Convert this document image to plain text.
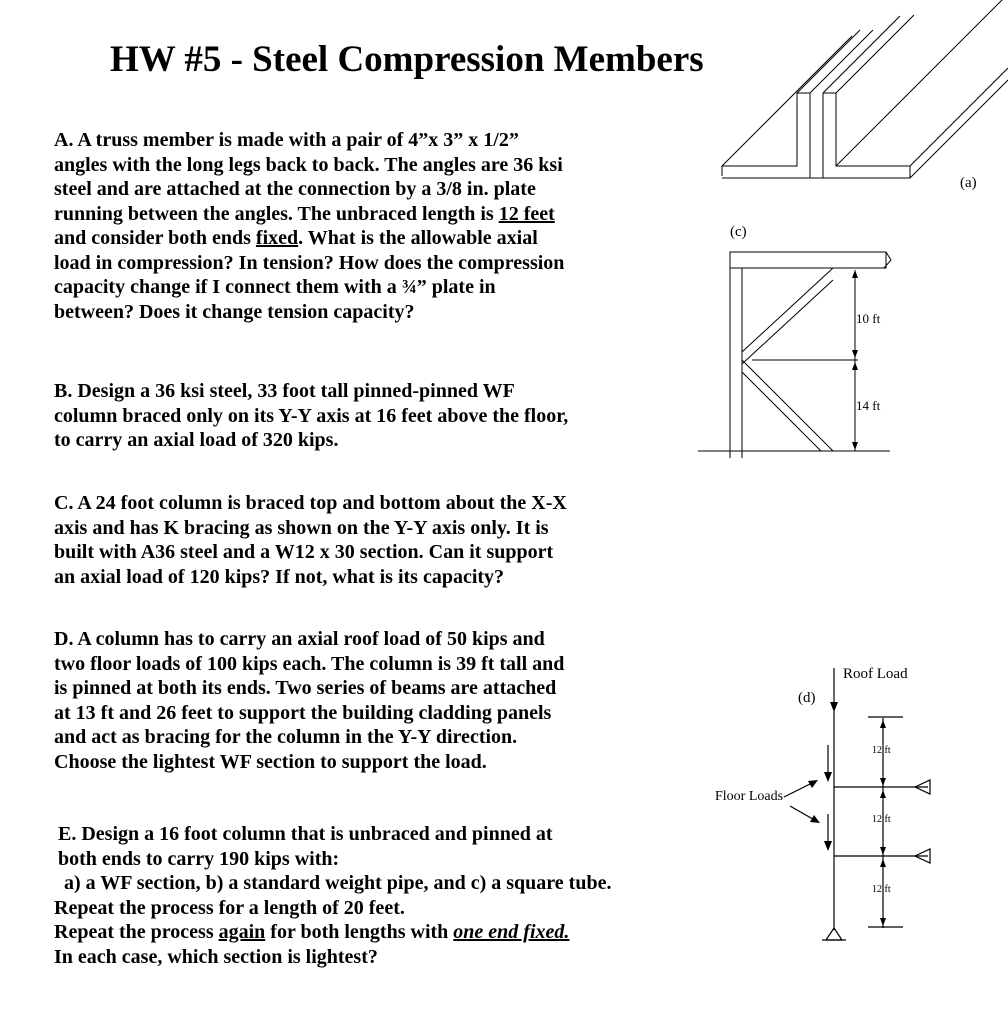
HW #5 - Steel Compression Members
A. A truss member is made with a pair of 4”x 3” x 1/2”
angles with the long legs back to back. The angles are 36 ksi
steel and are attached at the connection by a 3/8 in. plate
running between the angles. The unbraced length is 12 feet
and consider both ends fixed. What is the allowable axial
load in compression? In tension? How does the compression
capacity change if I connect them with a ¾” plate in
between? Does it change tension capacity?
B. Design a 36 ksi steel, 33 foot tall pinned-pinned WF
column braced only on its Y-Y axis at 16 feet above the floor,
to carry an axial load of 320 kips.
C. A 24 foot column is braced top and bottom about the X-X
axis and has K bracing as shown on the Y-Y axis only. It is
built with A36 steel and a W12 x 30 section. Can it support
an axial load of 120 kips? If not, what is its capacity?
D. A column has to carry an axial roof load of 50 kips and
two floor loads of 100 kips each. The column is 39 ft tall and
is pinned at both its ends. Two series of beams are attached
at 13 ft and 26 feet to support the building cladding panels
and act as bracing for the column in the Y-Y direction.
Choose the lightest WF section to support the load.
E. Design a 16 foot column that is unbraced and pinned at
both ends to carry 190 kips with:
a) a WF section, b) a standard weight pipe, and c) a square tube.
Repeat the process for a length of 20 feet.
Repeat the process again for both lengths with one end fixed.
In each case, which section is lightest?
(a)
(c)
10 ft
14 ft
Roof Load
(d)
Floor Loads
12 ft
12 ft
12 ft
